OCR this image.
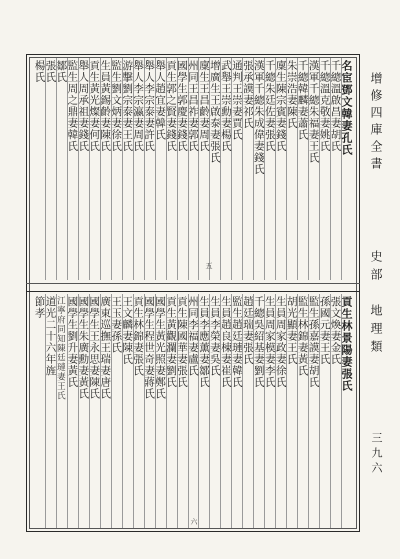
增修四庫全書
史部　地理類
三九六
名宦鄧文韓妻孔氏
千總溫啟昌妻胡氏
千總溫克敬妻姚氏
漢軍千總朱福妻王氏
千總韓麟妻蕭氏
朱崇浩妻陳氏
廩生陳宗賓妻錢氏
千總朱廷佐妻張氏
漢軍千總朱成偉妻錢氏
張承謨妻祁氏
通判王崇妻賈氏
武舉王崇勳妻楊氏
增廣生王啟泰妻張氏
廩生王昌齡妻周氏
州同王昌祚妻郭氏
國學生郭慶妻錢氏
貢生郭之賢妻錢氏
舉人趙宜妻韓氏
舉人李宗泰妻許氏
舉人李宗瀛妻周氏
游擊劉宗泰妻王氏
監生劉文炳妻徐氏
生員黃錫齡妻陳氏
貢生黃光燦妻何氏
舉人周承祖妻錢氏
監生周之鼎妻韓氏
鄒氏
張氏
楊氏
貢生林景陽妻張氏
張文煥妻金氏
孫國元妻王氏
監生孫嘉謨妻胡氏
監生林錦妻黃氏
胡光顯妻王氏
生員周家政妻徐氏
生員周家模妻李氏
千總吳紹基妻劉氏
趙廷瑞妻張氏
監生趙廷璉妻韓氏
生員趙良棟妻崔氏
生員李榮妻吳氏
生員李應薰妻鄒氏
州同李福妻盧氏
貢生陳國華妻張氏
貢生黃觀瀾妻劉氏
國學生黃光照妻鄭氏
國學生程世奇妻蔣氏
貢生林錦妻張氏
王文麟妻陳氏
王玉妻孫氏
廣東巡撫王瑞妻唐氏
國學生王永思妻陳氏
國學生朱廣勳妻黃氏
國學生劉升妻黃氏
江寧府同知陳廷璉妻王氏
道光二十六年旌
節孝
五
六
